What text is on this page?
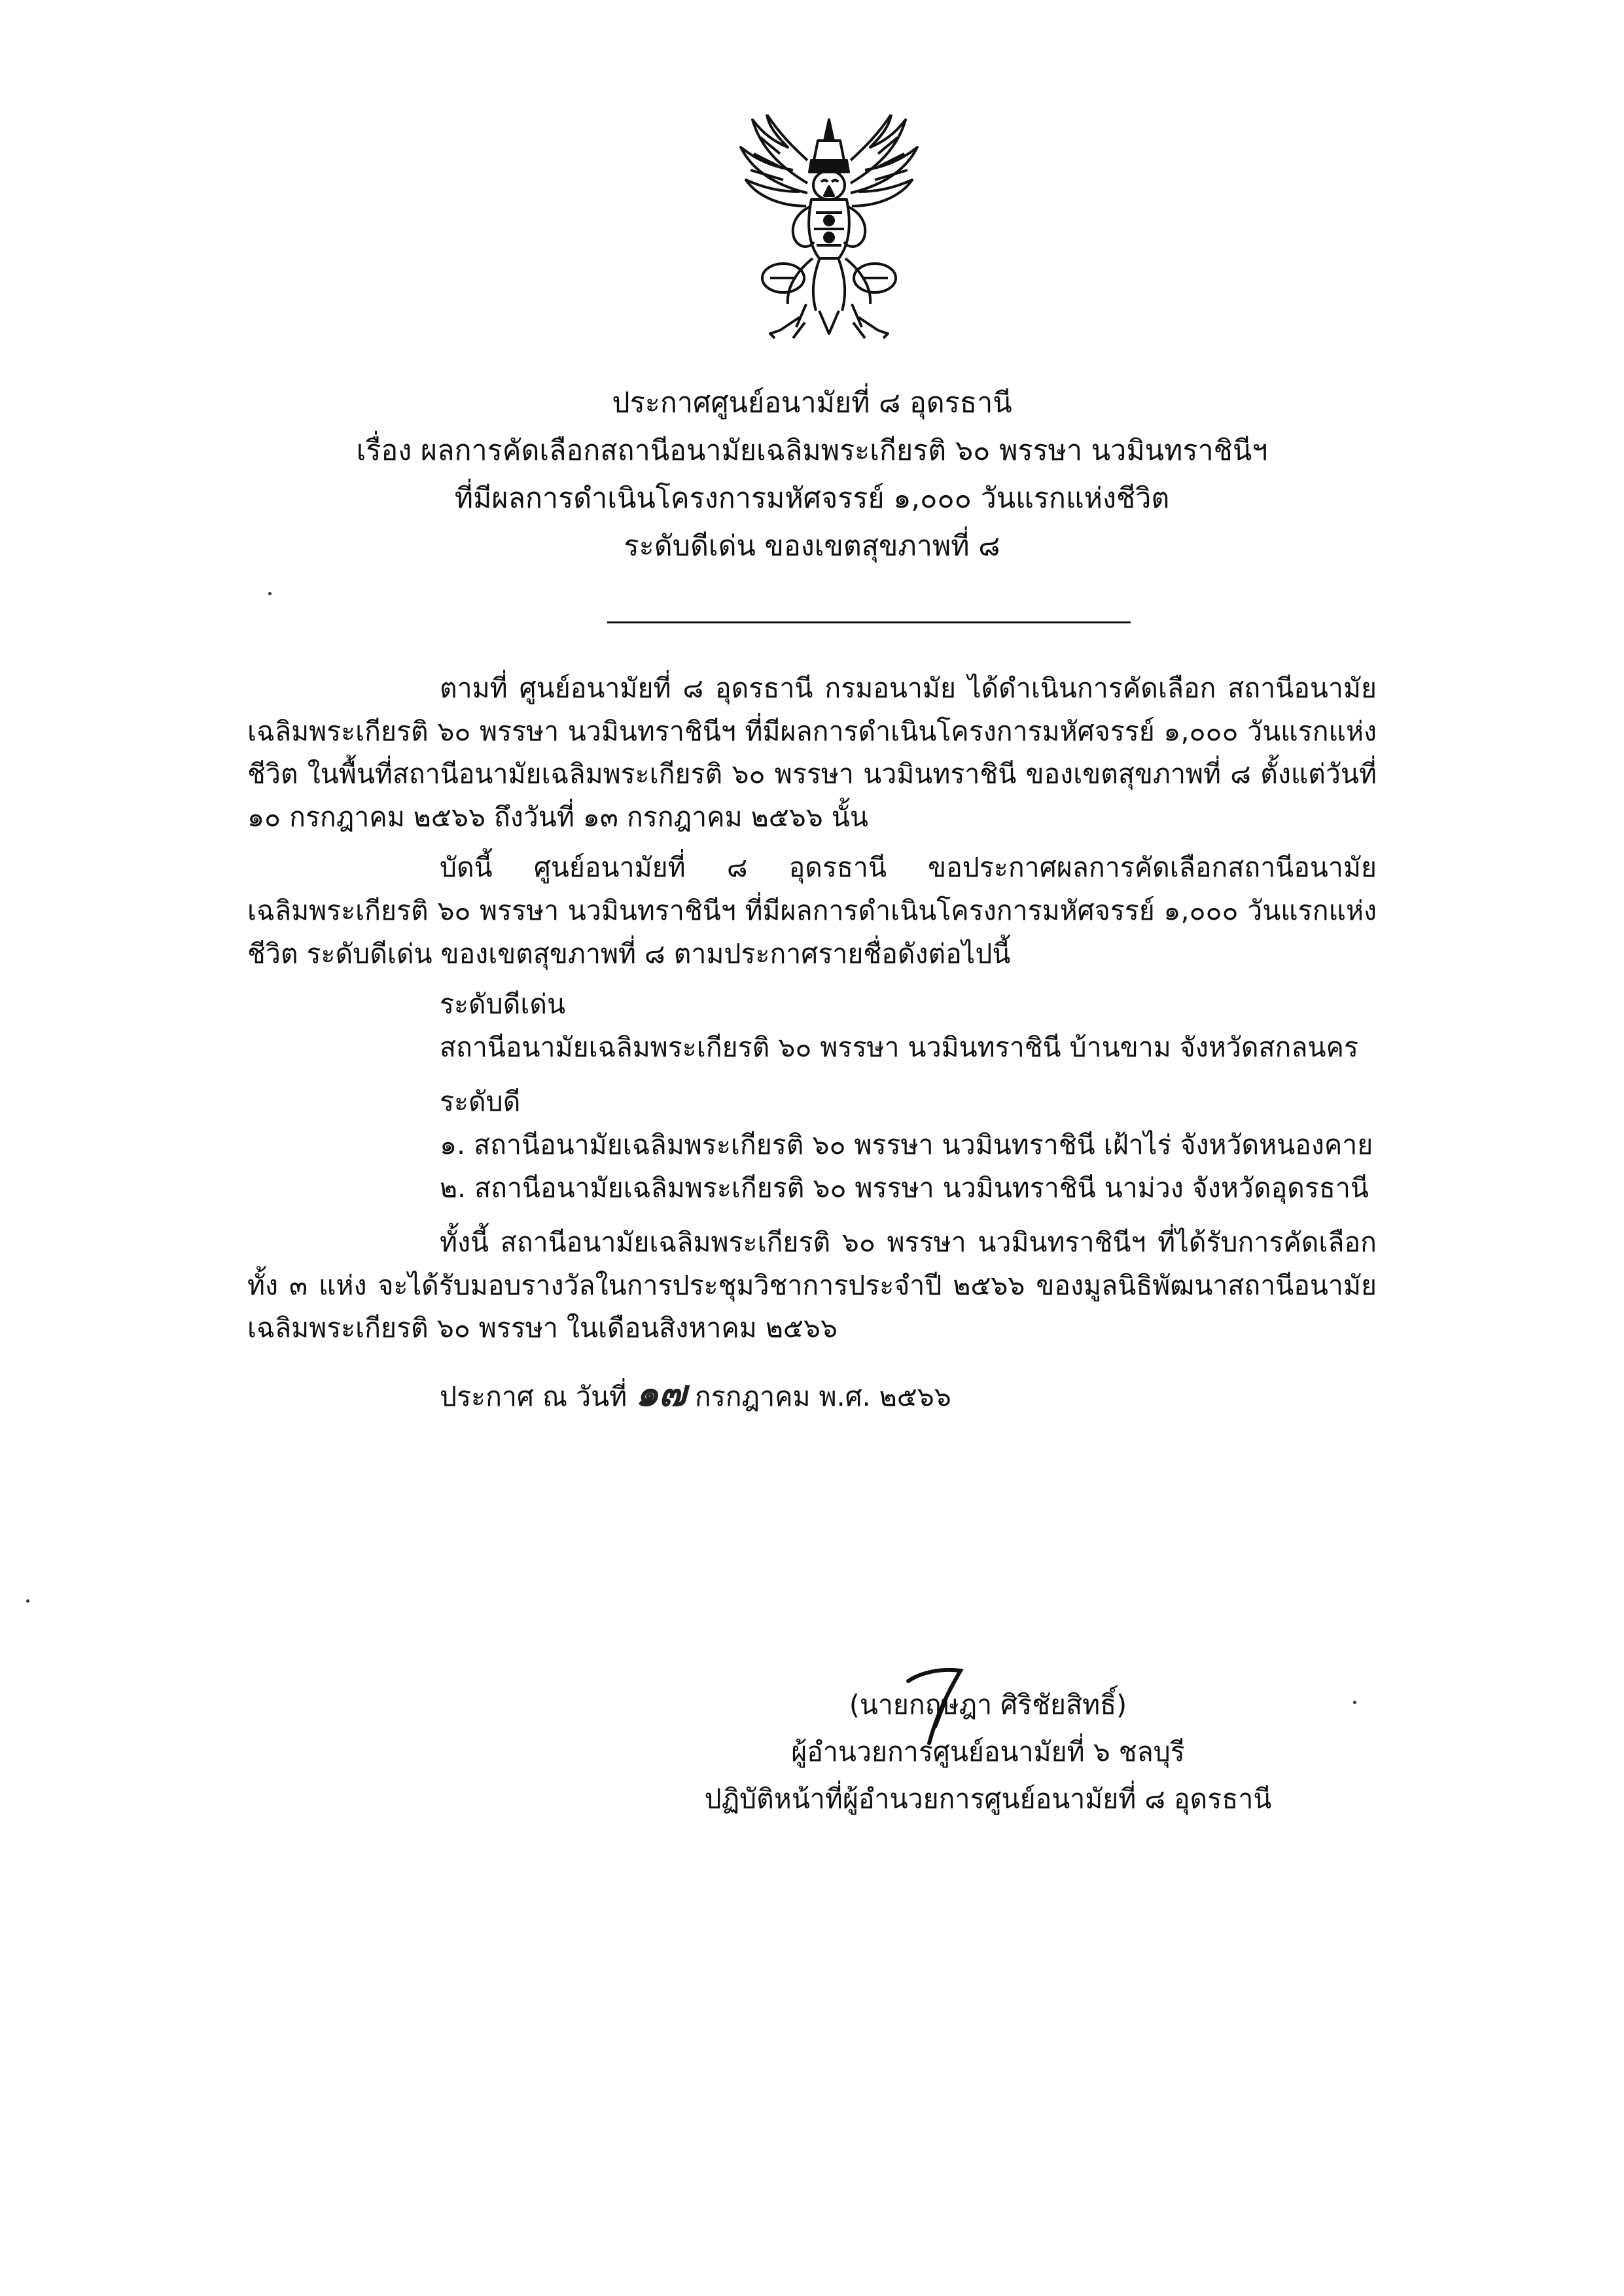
ประกาศศูนย์อนามัยที่ ๘ อุดรธานี
เรื่อง ผลการคัดเลือกสถานีอนามัยเฉลิมพระเกียรติ ๖๐ พรรษา นวมินทราชินีฯ
ที่มีผลการดำเนินโครงการมหัศจรรย์ ๑,๐๐๐ วันแรกแห่งชีวิต
ระดับดีเด่น ของเขตสุขภาพที่ ๘

ตามที่ ศูนย์อนามัยที่ ๘ อุดรธานี กรมอนามัย ได้ดำเนินการคัดเลือก สถานีอนามัยเฉลิมพระเกียรติ ๖๐ พรรษา นวมินทราชินีฯ ที่มีผลการดำเนินโครงการมหัศจรรย์ ๑,๐๐๐ วันแรกแห่งชีวิต ในพื้นที่สถานีอนามัยเฉลิมพระเกียรติ ๖๐ พรรษา นวมินทราชินี ของเขตสุขภาพที่ ๘ ตั้งแต่วันที่ ๑๐ กรกฎาคม ๒๕๖๖ ถึงวันที่ ๑๓ กรกฎาคม ๒๕๖๖ นั้น

บัดนี้ ศูนย์อนามัยที่ ๘ อุดรธานี ขอประกาศผลการคัดเลือกสถานีอนามัยเฉลิมพระเกียรติ ๖๐ พรรษา นวมินทราชินีฯ ที่มีผลการดำเนินโครงการมหัศจรรย์ ๑,๐๐๐ วันแรกแห่งชีวิต ระดับดีเด่น ของเขตสุขภาพที่ ๘ ตามประกาศรายชื่อดังต่อไปนี้

ระดับดีเด่น

สถานีอนามัยเฉลิมพระเกียรติ ๖๐ พรรษา นวมินทราชินี บ้านขาม จังหวัดสกลนคร

ระดับดี

๑. สถานีอนามัยเฉลิมพระเกียรติ ๖๐ พรรษา นวมินทราชินี เฝ้าไร่ จังหวัดหนองคาย

๒. สถานีอนามัยเฉลิมพระเกียรติ ๖๐ พรรษา นวมินทราชินี นาม่วง จังหวัดอุดรธานี

ทั้งนี้ สถานีอนามัยเฉลิมพระเกียรติ ๖๐ พรรษา นวมินทราชินีฯ ที่ได้รับการคัดเลือกทั้ง ๓ แห่ง จะได้รับมอบรางวัลในการประชุมวิชาการประจำปี ๒๕๖๖ ของมูลนิธิพัฒนาสถานีอนามัยเฉลิมพระเกียรติ ๖๐ พรรษา ในเดือนสิงหาคม ๒๕๖๖

ประกาศ ณ วันที่ ๑๗ กรกฎาคม พ.ศ. ๒๕๖๖
(นายกฤษฎา ศิริชัยสิทธิ์)
ผู้อำนวยการศูนย์อนามัยที่ ๖ ชลบุรี
ปฏิบัติหน้าที่ผู้อำนวยการศูนย์อนามัยที่ ๘ อุดรธานี
